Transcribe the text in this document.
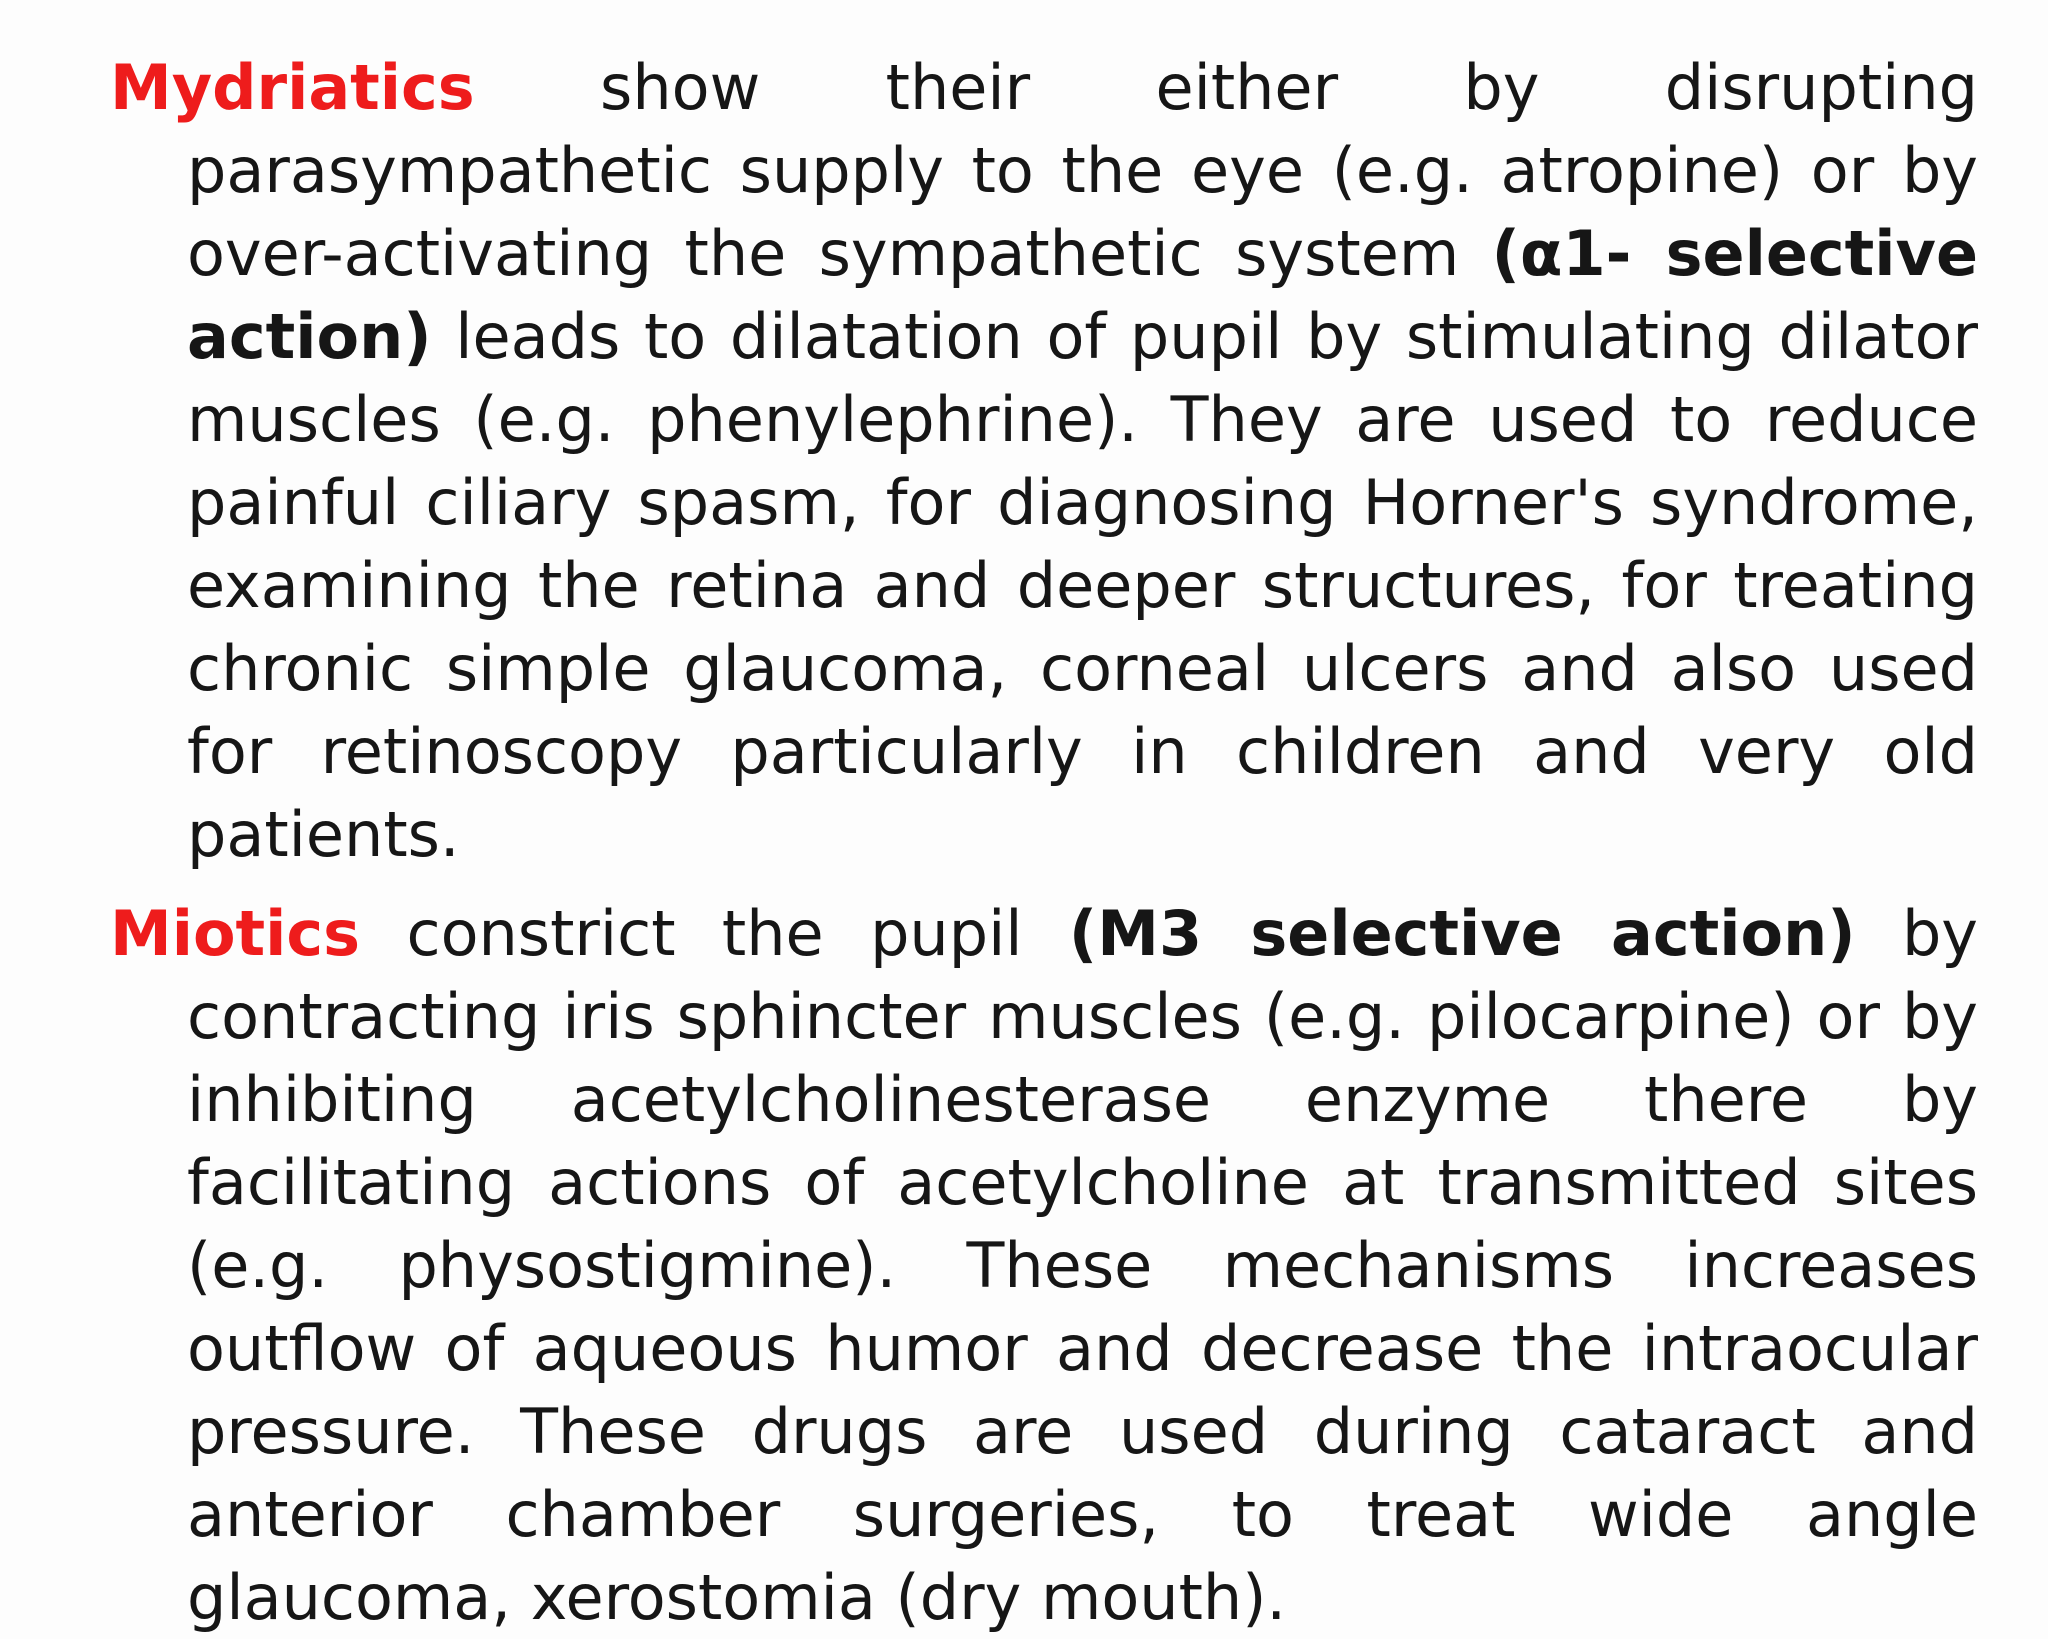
Mydriatics show their either by disrupting parasympathetic supply to the eye (e.g. atropine) or by over-activating the sympathetic system (α1- selective action) leads to dilatation of pupil by stimulating dilator muscles (e.g. phenylephrine). They are used to reduce painful ciliary spasm, for diagnosing Horner's syndrome, examining the retina and deeper structures, for treating chronic simple glaucoma, corneal ulcers and also used for retinoscopy particularly in children and very old patients.

Miotics constrict the pupil (M3 selective action) by contracting iris sphincter muscles (e.g. pilocarpine) or by inhibiting acetylcholinesterase enzyme there by facilitating actions of acetylcholine at transmitted sites (e.g. physostigmine). These mechanisms increases outflow of aqueous humor and decrease the intraocular pressure. These drugs are used during cataract and anterior chamber surgeries, to treat wide angle glaucoma, xerostomia (dry mouth).
